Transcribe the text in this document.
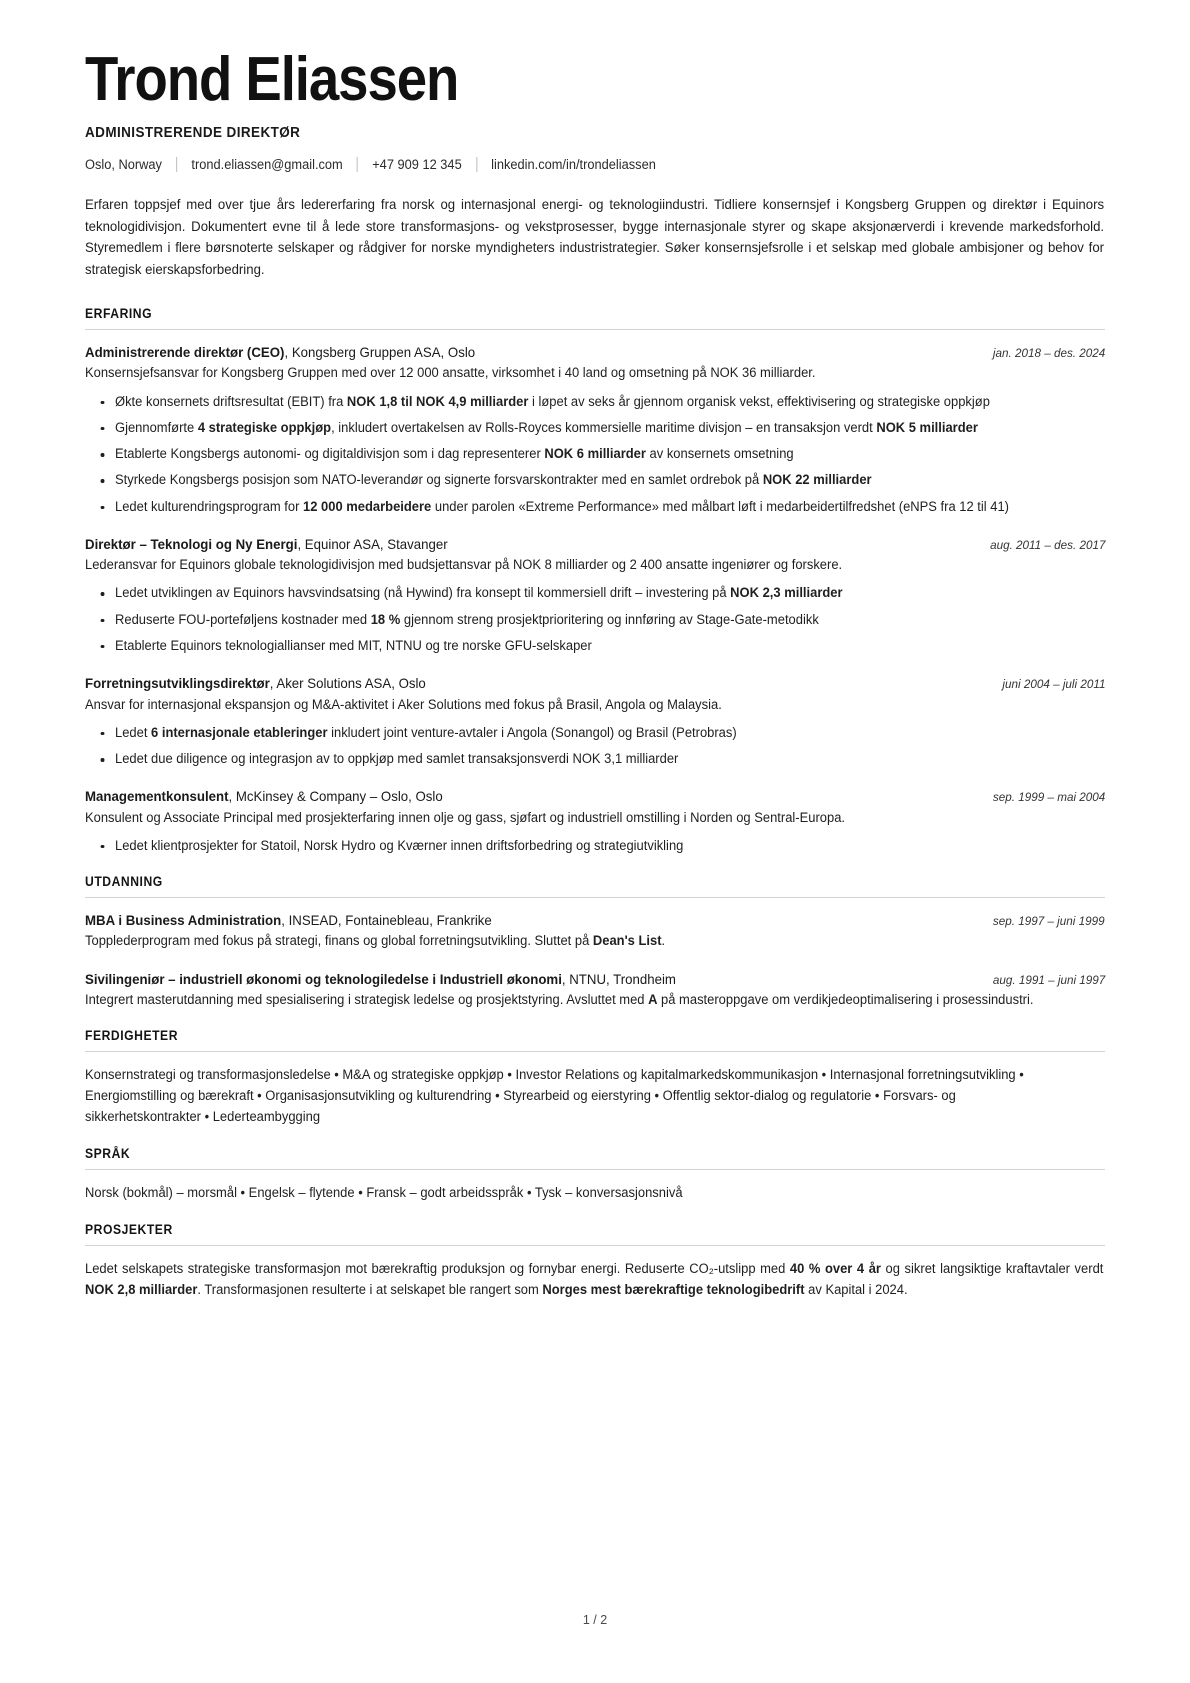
Trond Eliassen
ADMINISTRERENDE DIREKTØR
Oslo, Norway trond.eliassen@gmail.com +47 909 12 345 linkedin.com/in/trondeliassen

Erfaren toppsjef med over tjue års ledererfaring fra norsk og internasjonal energi- og teknologiindustri. Tidliere konsernsjef i Kongsberg Gruppen og direktør i Equinors teknologidivisjon. Dokumentert evne til å lede store transformasjons- og vekstprosesser, bygge internasjonale styrer og skape aksjonærverdi i krevende markedsforhold. Styremedlem i flere børsnoterte selskaper og rådgiver for norske myndigheters industristrategier. Søker konsernsjefsrolle i et selskap med globale ambisjoner og behov for strategisk eierskapsforbedring.

ERFARING
Administrerende direktør (CEO), Kongsberg Gruppen ASA, Oslo	jan. 2018 – des. 2024
Konsernsjefsansvar for Kongsberg Gruppen med over 12 000 ansatte, virksomhet i 40 land og omsetning på NOK 36 milliarder.
Økte konsernets driftsresultat (EBIT) fra NOK 1,8 til NOK 4,9 milliarder i løpet av seks år gjennom organisk vekst, effektivisering og strategiske oppkjøp
Gjennomførte 4 strategiske oppkjøp, inkludert overtakelsen av Rolls-Royces kommersielle maritime divisjon – en transaksjon verdt NOK 5 milliarder
Etablerte Kongsbergs autonomi- og digitaldivisjon som i dag representerer NOK 6 milliarder av konsernets omsetning
Styrkede Kongsbergs posisjon som NATO-leverandør og signerte forsvarskontrakter med en samlet ordrebok på NOK 22 milliarder
Ledet kulturendringsprogram for 12 000 medarbeidere under parolen «Extreme Performance» med målbart løft i medarbeidertilfredshet (eNPS fra 12 til 41)
Direktør – Teknologi og Ny Energi, Equinor ASA, Stavanger	aug. 2011 – des. 2017
Lederansvar for Equinors globale teknologidivisjon med budsjettansvar på NOK 8 milliarder og 2 400 ansatte ingeniører og forskere.
Ledet utviklingen av Equinors havsvindsatsing (nå Hywind) fra konsept til kommersiell drift – investering på NOK 2,3 milliarder
Reduserte FOU-porteføljens kostnader med 18 % gjennom streng prosjektprioritering og innføring av Stage-Gate-metodikk
Etablerte Equinors teknologiallianser med MIT, NTNU og tre norske GFU-selskaper
Forretningsutviklingsdirektør, Aker Solutions ASA, Oslo	juni 2004 – juli 2011
Ansvar for internasjonal ekspansjon og M&A-aktivitet i Aker Solutions med fokus på Brasil, Angola og Malaysia.
Ledet 6 internasjonale etableringer inkludert joint venture-avtaler i Angola (Sonangol) og Brasil (Petrobras)
Ledet due diligence og integrasjon av to oppkjøp med samlet transaksjonsverdi NOK 3,1 milliarder
Managementkonsulent, McKinsey & Company – Oslo, Oslo	sep. 1999 – mai 2004
Konsulent og Associate Principal med prosjekterfaring innen olje og gass, sjøfart og industriell omstilling i Norden og Sentral-Europa.
Ledet klientprosjekter for Statoil, Norsk Hydro og Kværner innen driftsforbedring og strategiutvikling
UTDANNING
MBA i Business Administration, INSEAD, Fontainebleau, Frankrike	sep. 1997 – juni 1999
Topplederprogram med fokus på strategi, finans og global forretningsutvikling. Sluttet på Dean's List.
Sivilingeniør – industriell økonomi og teknologiledelse i Industriell økonomi, NTNU, Trondheim	aug. 1991 – juni 1997
Integrert masterutdanning med spesialisering i strategisk ledelse og prosjektstyring. Avsluttet med A på masteroppgave om verdikjedeoptimalisering i prosessindustri.
FERDIGHETER
Konsernstrategi og transformasjonsledelse • M&A og strategiske oppkjøp • Investor Relations og kapitalmarkedskommunikasjon • Internasjonal forretningsutvikling • Energiomstilling og bærekraft • Organisasjonsutvikling og kulturendring • Styrearbeid og eierstyring • Offentlig sektor-dialog og regulatorie • Forsvars- og sikkerhetskontrakter • Lederteambygging
SPRÅK
Norsk (bokmål) – morsmål • Engelsk – flytende • Fransk – godt arbeidsspråk • Tysk – konversasjonsnivå
PROSJEKTER
Ledet selskapets strategiske transformasjon mot bærekraftig produksjon og fornybar energi. Reduserte CO₂-utslipp med 40 % over 4 år og sikret langsiktige kraftavtaler verdt NOK 2,8 milliarder. Transformasjonen resulterte i at selskapet ble rangert som Norges mest bærekraftige teknologibedrift av Kapital i 2024.
1 / 2
